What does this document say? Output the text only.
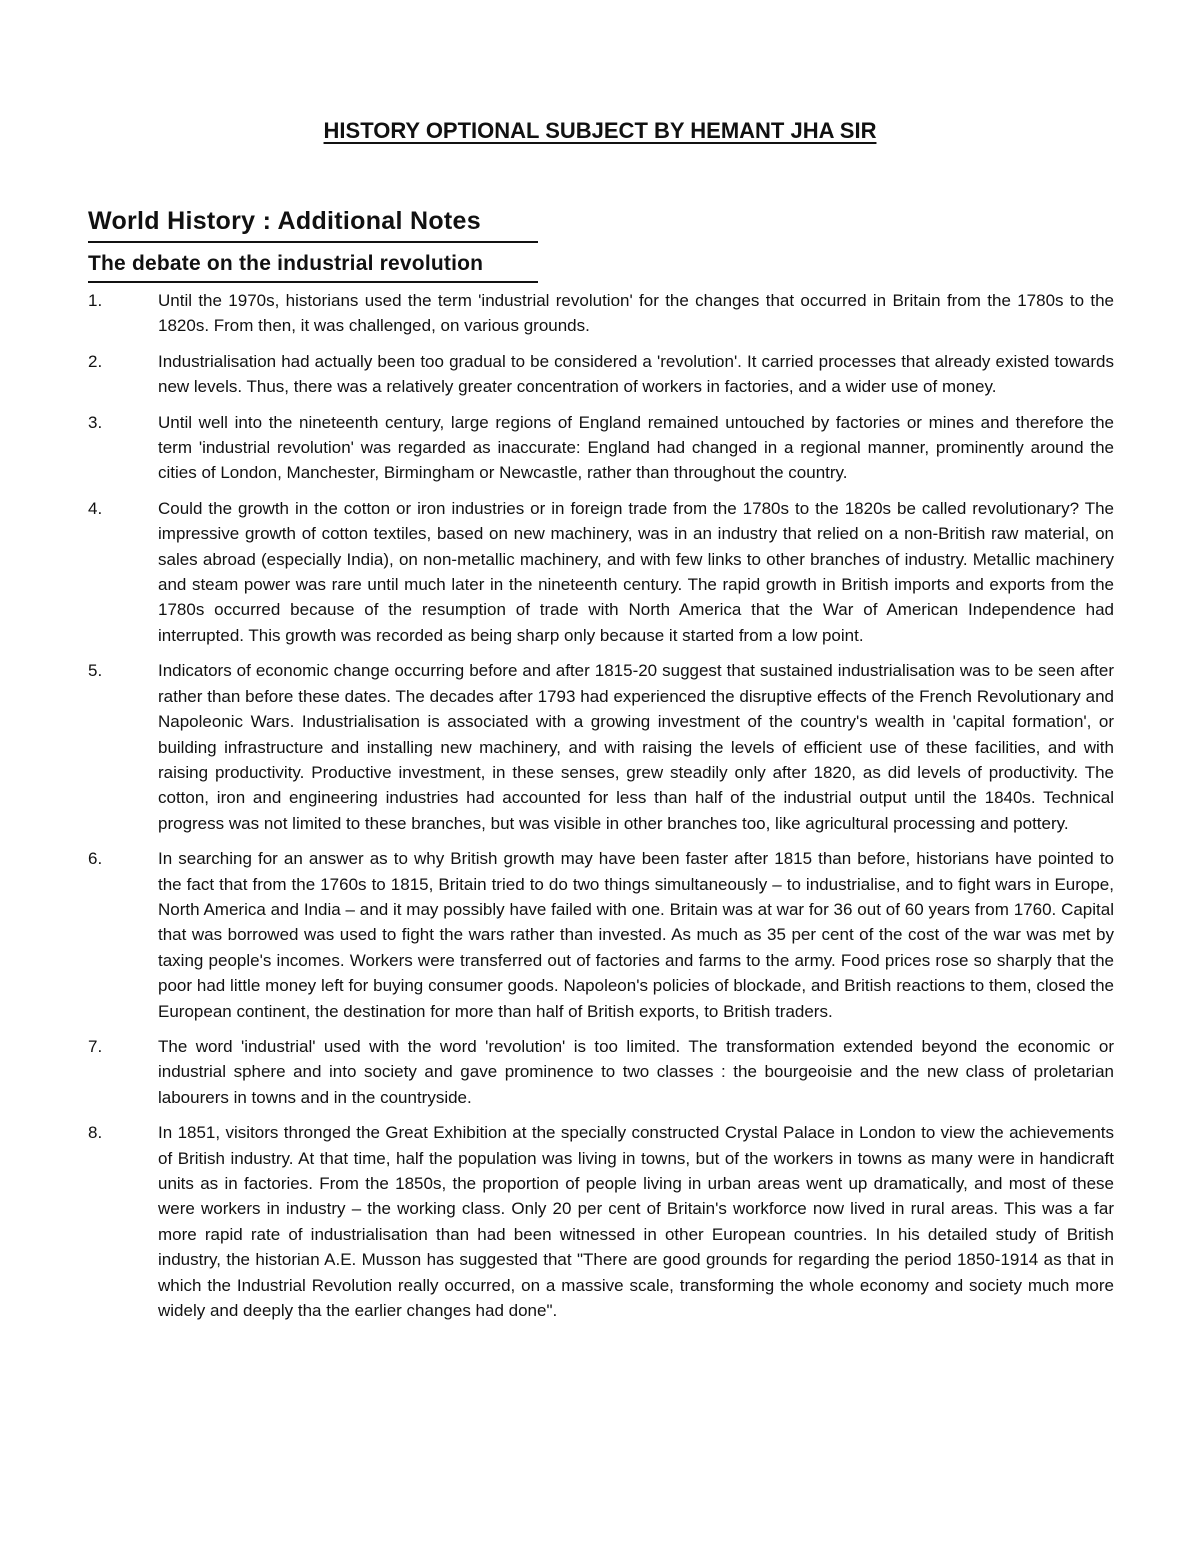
HISTORY OPTIONAL SUBJECT BY HEMANT JHA SIR
World History : Additional Notes
The debate on the industrial revolution
1.	Until the 1970s, historians used the term 'industrial revolution' for the changes that occurred in Britain from the 1780s to the 1820s. From then, it was challenged, on various grounds.
2.	Industrialisation had actually been too gradual to be considered a 'revolution'. It carried processes that already existed towards new levels. Thus, there was a relatively greater concentration of workers in factories, and a wider use of money.
3.	Until well into the nineteenth century, large regions of England remained untouched by factories or mines and therefore the term 'industrial revolution' was regarded as inaccurate: England had changed in a regional manner, prominently around the cities of London, Manchester, Birmingham or Newcastle, rather than throughout the country.
4.	Could the growth in the cotton or iron industries or in foreign trade from the 1780s to the 1820s be called revolutionary? The impressive growth of cotton textiles, based on new machinery, was in an industry that relied on a non-British raw material, on sales abroad (especially India), on non-metallic machinery, and with few links to other branches of industry. Metallic machinery and steam power was rare until much later in the nineteenth century. The rapid growth in British imports and exports from the 1780s occurred because of the resumption of trade with North America that the War of American Independence had interrupted. This growth was recorded as being sharp only because it started from a low point.
5.	Indicators of economic change occurring before and after 1815-20 suggest that sustained industrialisation was to be seen after rather than before these dates. The decades after 1793 had experienced the disruptive effects of the French Revolutionary and Napoleonic Wars. Industrialisation is associated with a growing investment of the country's wealth in 'capital formation', or building infrastructure and installing new machinery, and with raising the levels of efficient use of these facilities, and with raising productivity. Productive investment, in these senses, grew steadily only after 1820, as did levels of productivity. The cotton, iron and engineering industries had accounted for less than half of the industrial output until the 1840s. Technical progress was not limited to these branches, but was visible in other branches too, like agricultural processing and pottery.
6.	In searching for an answer as to why British growth may have been faster after 1815 than before, historians have pointed to the fact that from the 1760s to 1815, Britain tried to do two things simultaneously – to industrialise, and to fight wars in Europe, North America and India – and it may possibly have failed with one. Britain was at war for 36 out of 60 years from 1760. Capital that was borrowed was used to fight the wars rather than invested. As much as 35 per cent of the cost of the war was met by taxing people's incomes. Workers were transferred out of factories and farms to the army. Food prices rose so sharply that the poor had little money left for buying consumer goods. Napoleon's policies of blockade, and British reactions to them, closed the European continent, the destination for more than half of British exports, to British traders.
7.	The word 'industrial' used with the word 'revolution' is too limited. The transformation extended beyond the economic or industrial sphere and into society and gave prominence to two classes : the bourgeoisie and the new class of proletarian labourers in towns and in the countryside.
8.	In 1851, visitors thronged the Great Exhibition at the specially constructed Crystal Palace in London to view the achievements of British industry. At that time, half the population was living in towns, but of the workers in towns as many were in handicraft units as in factories. From the 1850s, the proportion of people living in urban areas went up dramatically, and most of these were workers in industry – the working class. Only 20 per cent of Britain's workforce now lived in rural areas. This was a far more rapid rate of industrialisation than had been witnessed in other European countries. In his detailed study of British industry, the historian A.E. Musson has suggested that "There are good grounds for regarding the period 1850-1914 as that in which the Industrial Revolution really occurred, on a massive scale, transforming the whole economy and society much more widely and deeply tha the earlier changes had done".
